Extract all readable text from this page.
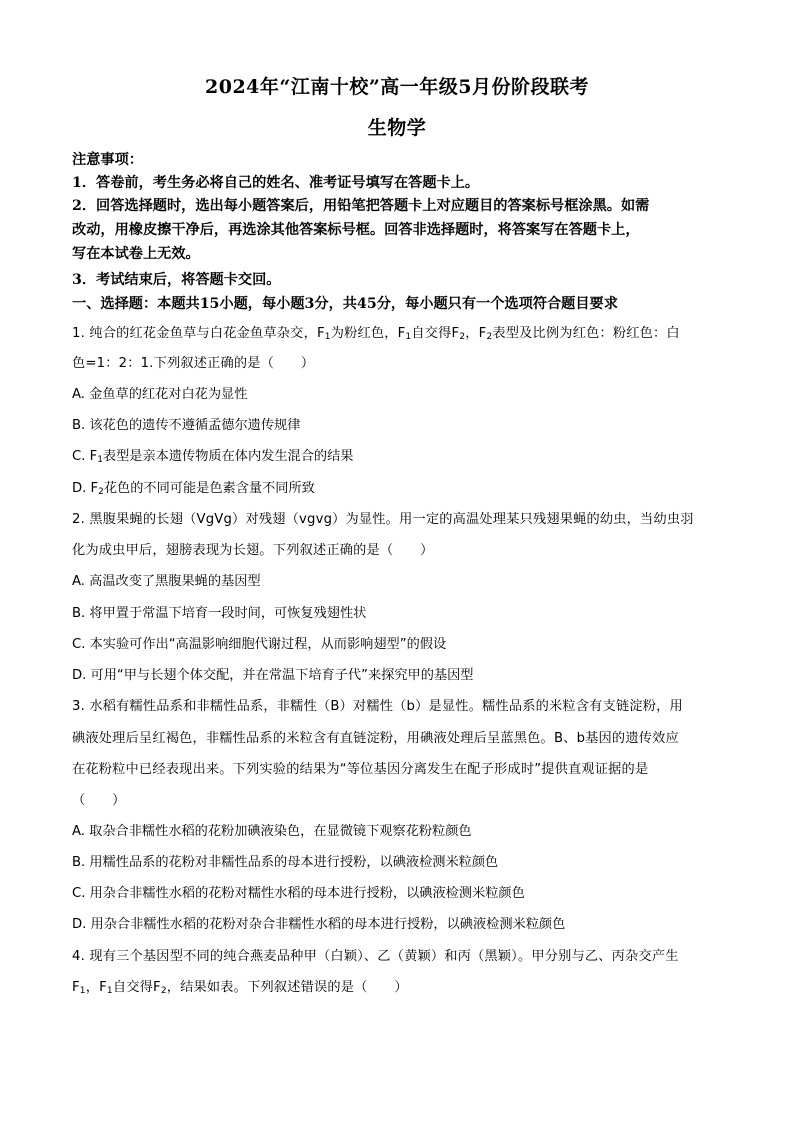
2024年“江南十校”高一年级5月份阶段联考
生物学
注意事项：
1．答卷前，考生务必将自己的姓名、准考证号填写在答题卡上。
2．回答选择题时，选出每小题答案后，用铅笔把答题卡上对应题目的答案标号框涂黑。如需
改动，用橡皮擦干净后，再选涂其他答案标号框。回答非选择题时，将答案写在答题卡上，
写在本试卷上无效。
3．考试结束后，将答题卡交回。
一、选择题：本题共15小题，每小题3分，共45分，每小题只有一个选项符合题目要求
1. 纯合的红花金鱼草与白花金鱼草杂交，$F_1$为粉红色，$F_1$自交得$F_2$，$F_2$表型及比例为红色：粉红色：白
色=1：2：1.下列叙述正确的是（　　）
A. 金鱼草的红花对白花为显性
B. 该花色的遗传不遵循孟德尔遗传规律
C. $F_1$表型是亲本遗传物质在体内发生混合的结果
D. $F_2$花色的不同可能是色素含量不同所致
2. 黑腹果蝇的长翅（VgVg）对残翅（vgvg）为显性。用一定的高温处理某只残翅果蝇的幼虫，当幼虫羽
化为成虫甲后，翅膀表现为长翅。下列叙述正确的是（　　）
A. 高温改变了黑腹果蝇的基因型
B. 将甲置于常温下培育一段时间，可恢复残翅性状
C. 本实验可作出“高温影响细胞代谢过程，从而影响翅型”的假设
D. 可用“甲与长翅个体交配，并在常温下培育子代”来探究甲的基因型
3. 水稻有糯性品系和非糯性品系，非糯性（B）对糯性（b）是显性。糯性品系的米粒含有支链淀粉，用
碘液处理后呈红褐色，非糯性品系的米粒含有直链淀粉，用碘液处理后呈蓝黑色。B、b基因的遗传效应
在花粉粒中已经表现出来。下列实验的结果为“等位基因分离发生在配子形成时”提供直观证据的是
（　　）
A. 取杂合非糯性水稻的花粉加碘液染色，在显微镜下观察花粉粒颜色
B. 用糯性品系的花粉对非糯性品系的母本进行授粉，以碘液检测米粒颜色
C. 用杂合非糯性水稻的花粉对糯性水稻的母本进行授粉，以碘液检测米粒颜色
D. 用杂合非糯性水稻的花粉对杂合非糯性水稻的母本进行授粉，以碘液检测米粒颜色
4. 现有三个基因型不同的纯合燕麦品种甲（白颖）、乙（黄颖）和丙（黑颖）。甲分别与乙、丙杂交产生
$F_1$，$F_1$自交得$F_2$，结果如表。下列叙述错误的是（　　）
